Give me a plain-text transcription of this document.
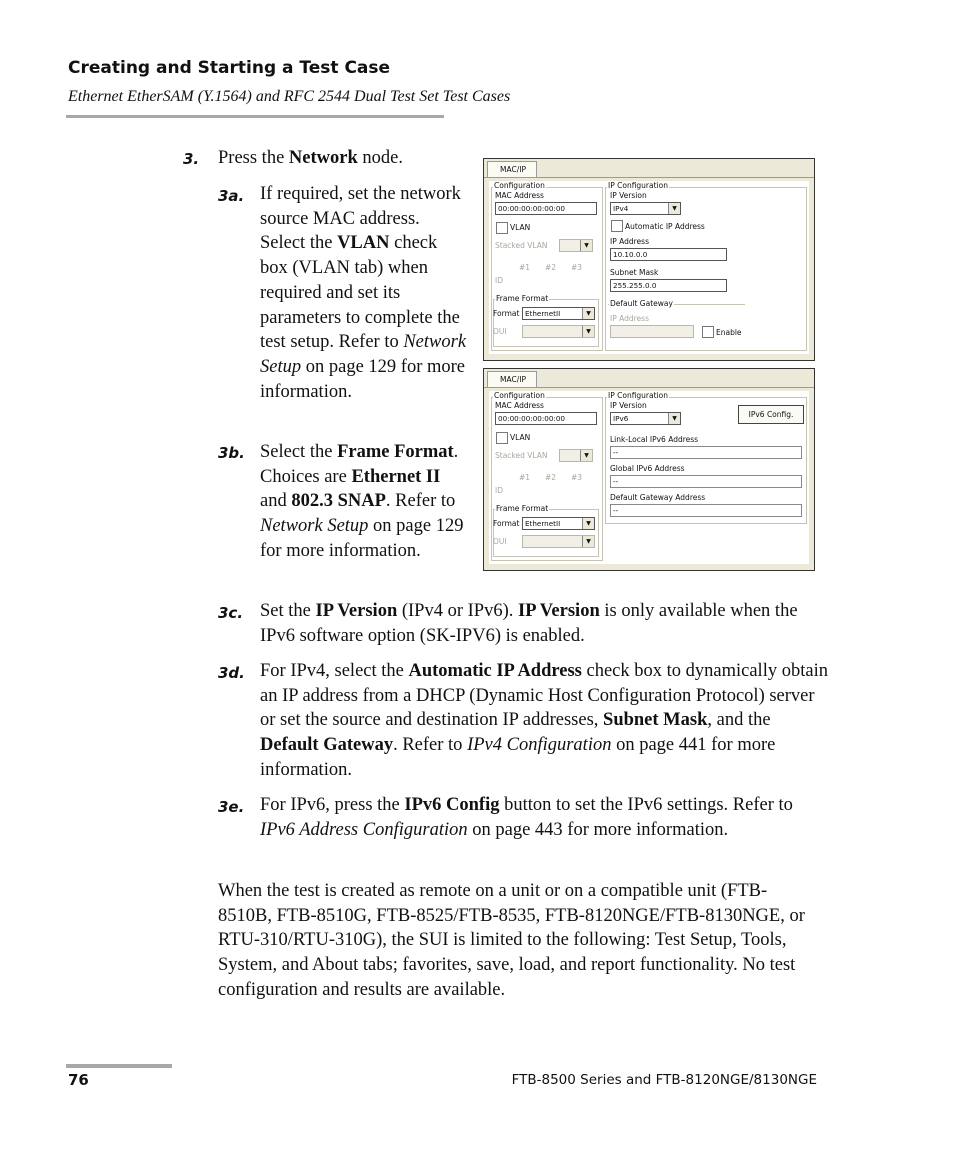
Creating and Starting a Test Case
Ethernet EtherSAM (Y.1564) and RFC 2544 Dual Test Set Test Cases
3. Press the Network node.

3a. If required, set the network source MAC address. Select the VLAN check box (VLAN tab) when required and set its parameters to complete the test setup. Refer to Network Setup on page 129 for more information.

3b. Select the Frame Format. Choices are Ethernet II and 802.3 SNAP. Refer to Network Setup on page 129 for more information.

3c. Set the IP Version (IPv4 or IPv6). IP Version is only available when the IPv6 software option (SK-IPV6) is enabled.

3d. For IPv4, select the Automatic IP Address check box to dynamically obtain an IP address from a DHCP (Dynamic Host Configuration Protocol) server or set the source and destination IP addresses, Subnet Mask, and the Default Gateway. Refer to IPv4 Configuration on page 441 for more information.

3e. For IPv6, press the IPv6 Config button to set the IPv6 settings. Refer to IPv6 Address Configuration on page 443 for more information.

When the test is created as remote on a unit or on a compatible unit (FTB-8510B, FTB-8510G, FTB-8525/FTB-8535, FTB-8120NGE/FTB-8130NGE, or RTU-310/RTU-310G), the SUI is limited to the following: Test Setup, Tools, System, and About tabs; favorites, save, load, and report functionality. No test configuration and results are available.

MAC/IP
Configuration
MAC Address
00:00:00:00:00:00
VLAN
Stacked VLAN	▼
#1 #2 #3
ID
Frame Format
Format EthernetII	▼
OUI	▼
IP Configuration
IP Version
IPv4	▼
Automatic IP Address
IP Address
10.10.0.0
Subnet Mask
255.255.0.0
Default Gateway
IP Address
Enable
MAC/IP
Configuration
MAC Address
00:00:00:00:00:00
VLAN
Stacked VLAN	▼
#1 #2 #3
ID
Frame Format
Format EthernetII	▼
OUI	▼
IP Configuration
IP Version
IPv6	▼	IPv6 Config.
Link-Local IPv6 Address
--
Global IPv6 Address
--
Default Gateway Address
--
76	FTB-8500 Series and FTB-8120NGE/8130NGE
